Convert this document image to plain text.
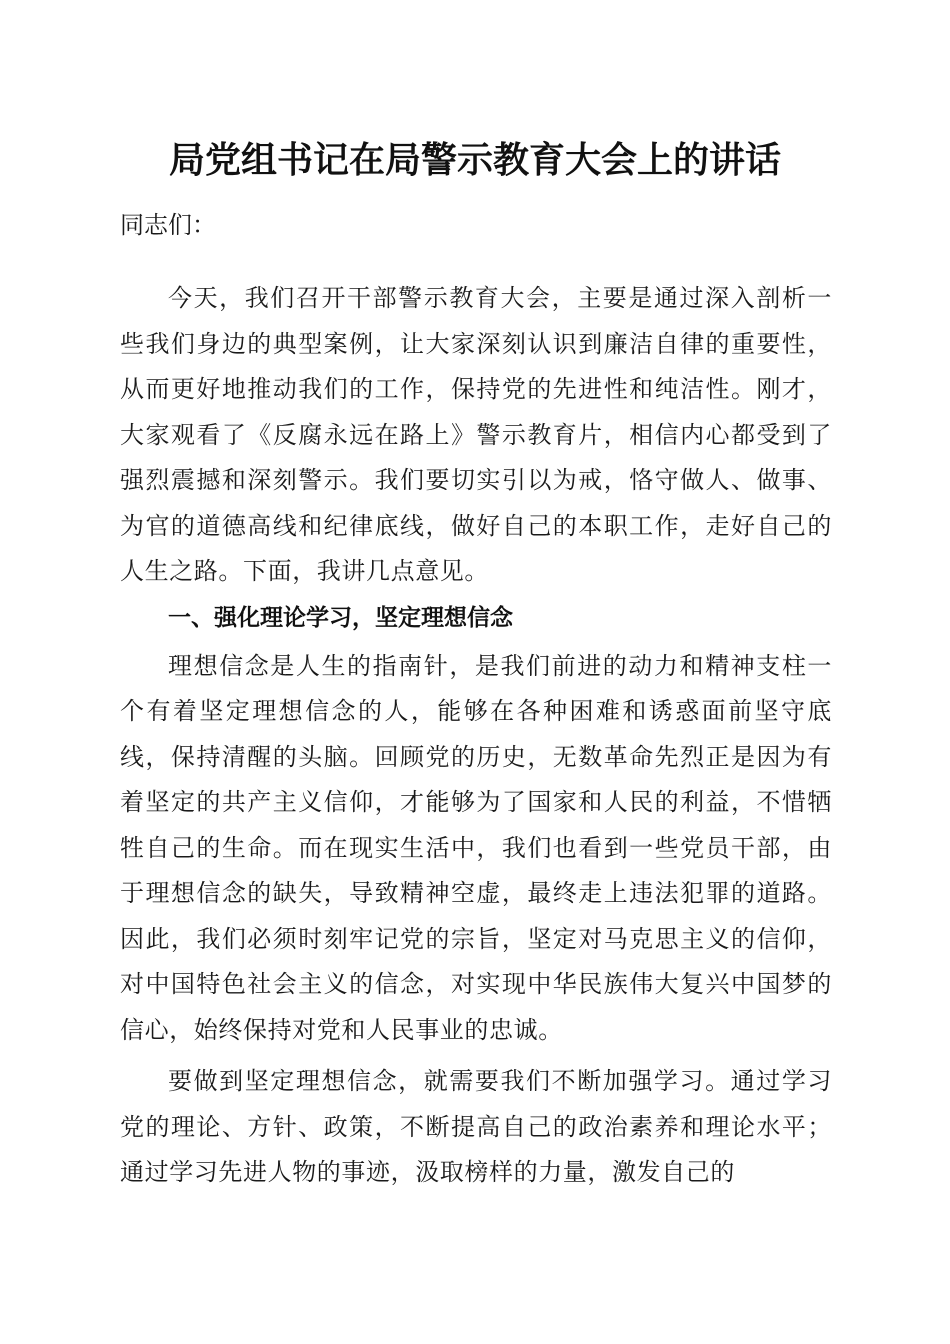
局党组书记在局警示教育大会上的讲话

同志们：

今天，我们召开干部警示教育大会，主要是通过深入剖析一些我们身边的典型案例，让大家深刻认识到廉洁自律的重要性，从而更好地推动我们的工作，保持党的先进性和纯洁性。刚才，大家观看了《反腐永远在路上》警示教育片，相信内心都受到了强烈震撼和深刻警示。我们要切实引以为戒，恪守做人、做事、为官的道德高线和纪律底线，做好自己的本职工作，走好自己的人生之路。下面，我讲几点意见。

一、强化理论学习，坚定理想信念

理想信念是人生的指南针，是我们前进的动力和精神支柱一个有着坚定理想信念的人，能够在各种困难和诱惑面前坚守底线，保持清醒的头脑。回顾党的历史，无数革命先烈正是因为有着坚定的共产主义信仰，才能够为了国家和人民的利益，不惜牺牲自己的生命。而在现实生活中，我们也看到一些党员干部，由于理想信念的缺失，导致精神空虚，最终走上违法犯罪的道路。因此，我们必须时刻牢记党的宗旨，坚定对马克思主义的信仰，对中国特色社会主义的信念，对实现中华民族伟大复兴中国梦的信心，始终保持对党和人民事业的忠诚。

要做到坚定理想信念，就需要我们不断加强学习。通过学习党的理论、方针、政策，不断提高自己的政治素养和理论水平；通过学习先进人物的事迹，汲取榜样的力量，激发自己的
